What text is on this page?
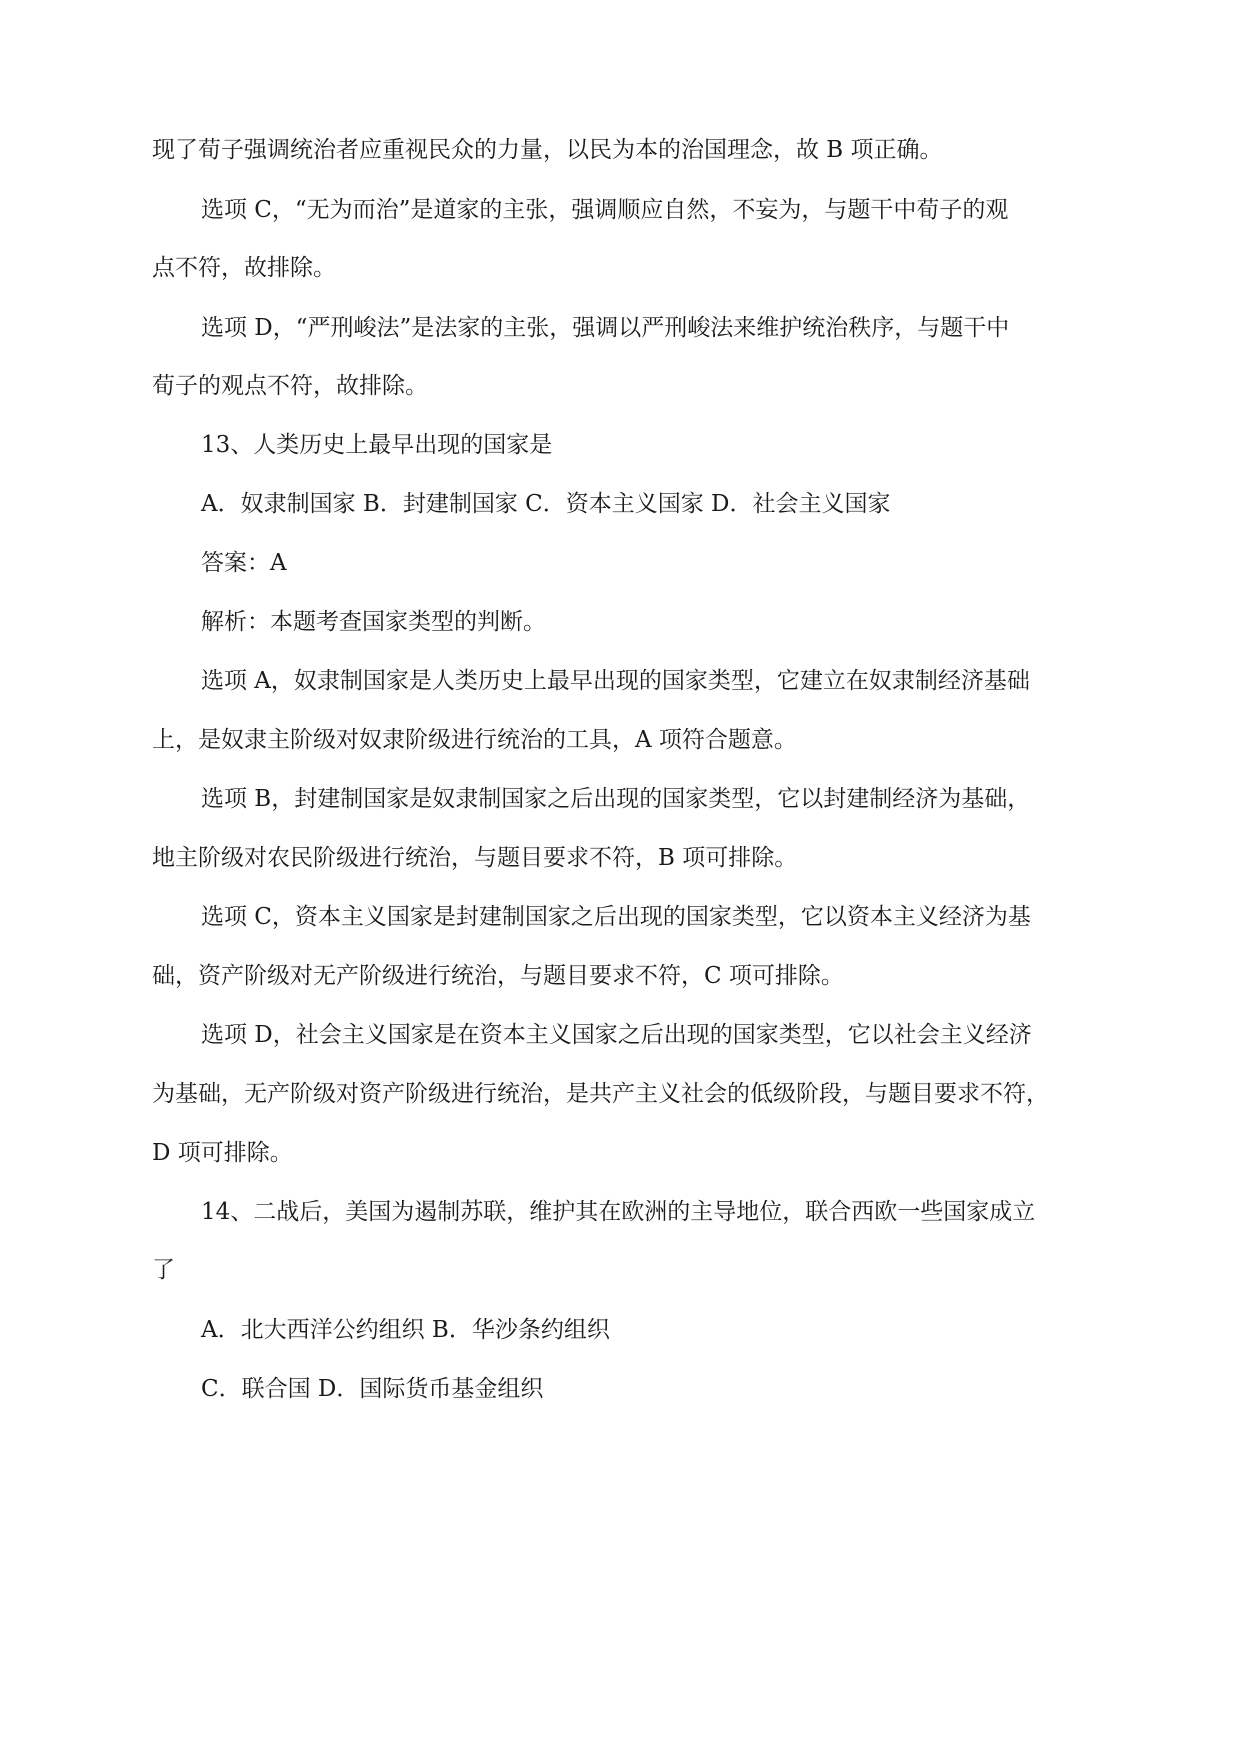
现了荀子强调统治者应重视民众的力量，以民为本的治国理念，故 B 项正确。
选项 C，“无为而治”是道家的主张，强调顺应自然，不妄为，与题干中荀子的观
点不符，故排除。
选项 D，“严刑峻法”是法家的主张，强调以严刑峻法来维护统治秩序，与题干中
荀子的观点不符，故排除。
13、人类历史上最早出现的国家是
A．奴隶制国家 B．封建制国家 C．资本主义国家 D．社会主义国家
答案：A
解析：本题考查国家类型的判断。
选项 A，奴隶制国家是人类历史上最早出现的国家类型，它建立在奴隶制经济基础
上，是奴隶主阶级对奴隶阶级进行统治的工具，A 项符合题意。
选项 B，封建制国家是奴隶制国家之后出现的国家类型，它以封建制经济为基础，
地主阶级对农民阶级进行统治，与题目要求不符，B 项可排除。
选项 C，资本主义国家是封建制国家之后出现的国家类型，它以资本主义经济为基
础，资产阶级对无产阶级进行统治，与题目要求不符，C 项可排除。
选项 D，社会主义国家是在资本主义国家之后出现的国家类型，它以社会主义经济
为基础，无产阶级对资产阶级进行统治，是共产主义社会的低级阶段，与题目要求不符，
D 项可排除。
14、二战后，美国为遏制苏联，维护其在欧洲的主导地位，联合西欧一些国家成立
了
A．北大西洋公约组织 B．华沙条约组织
C．联合国 D．国际货币基金组织
